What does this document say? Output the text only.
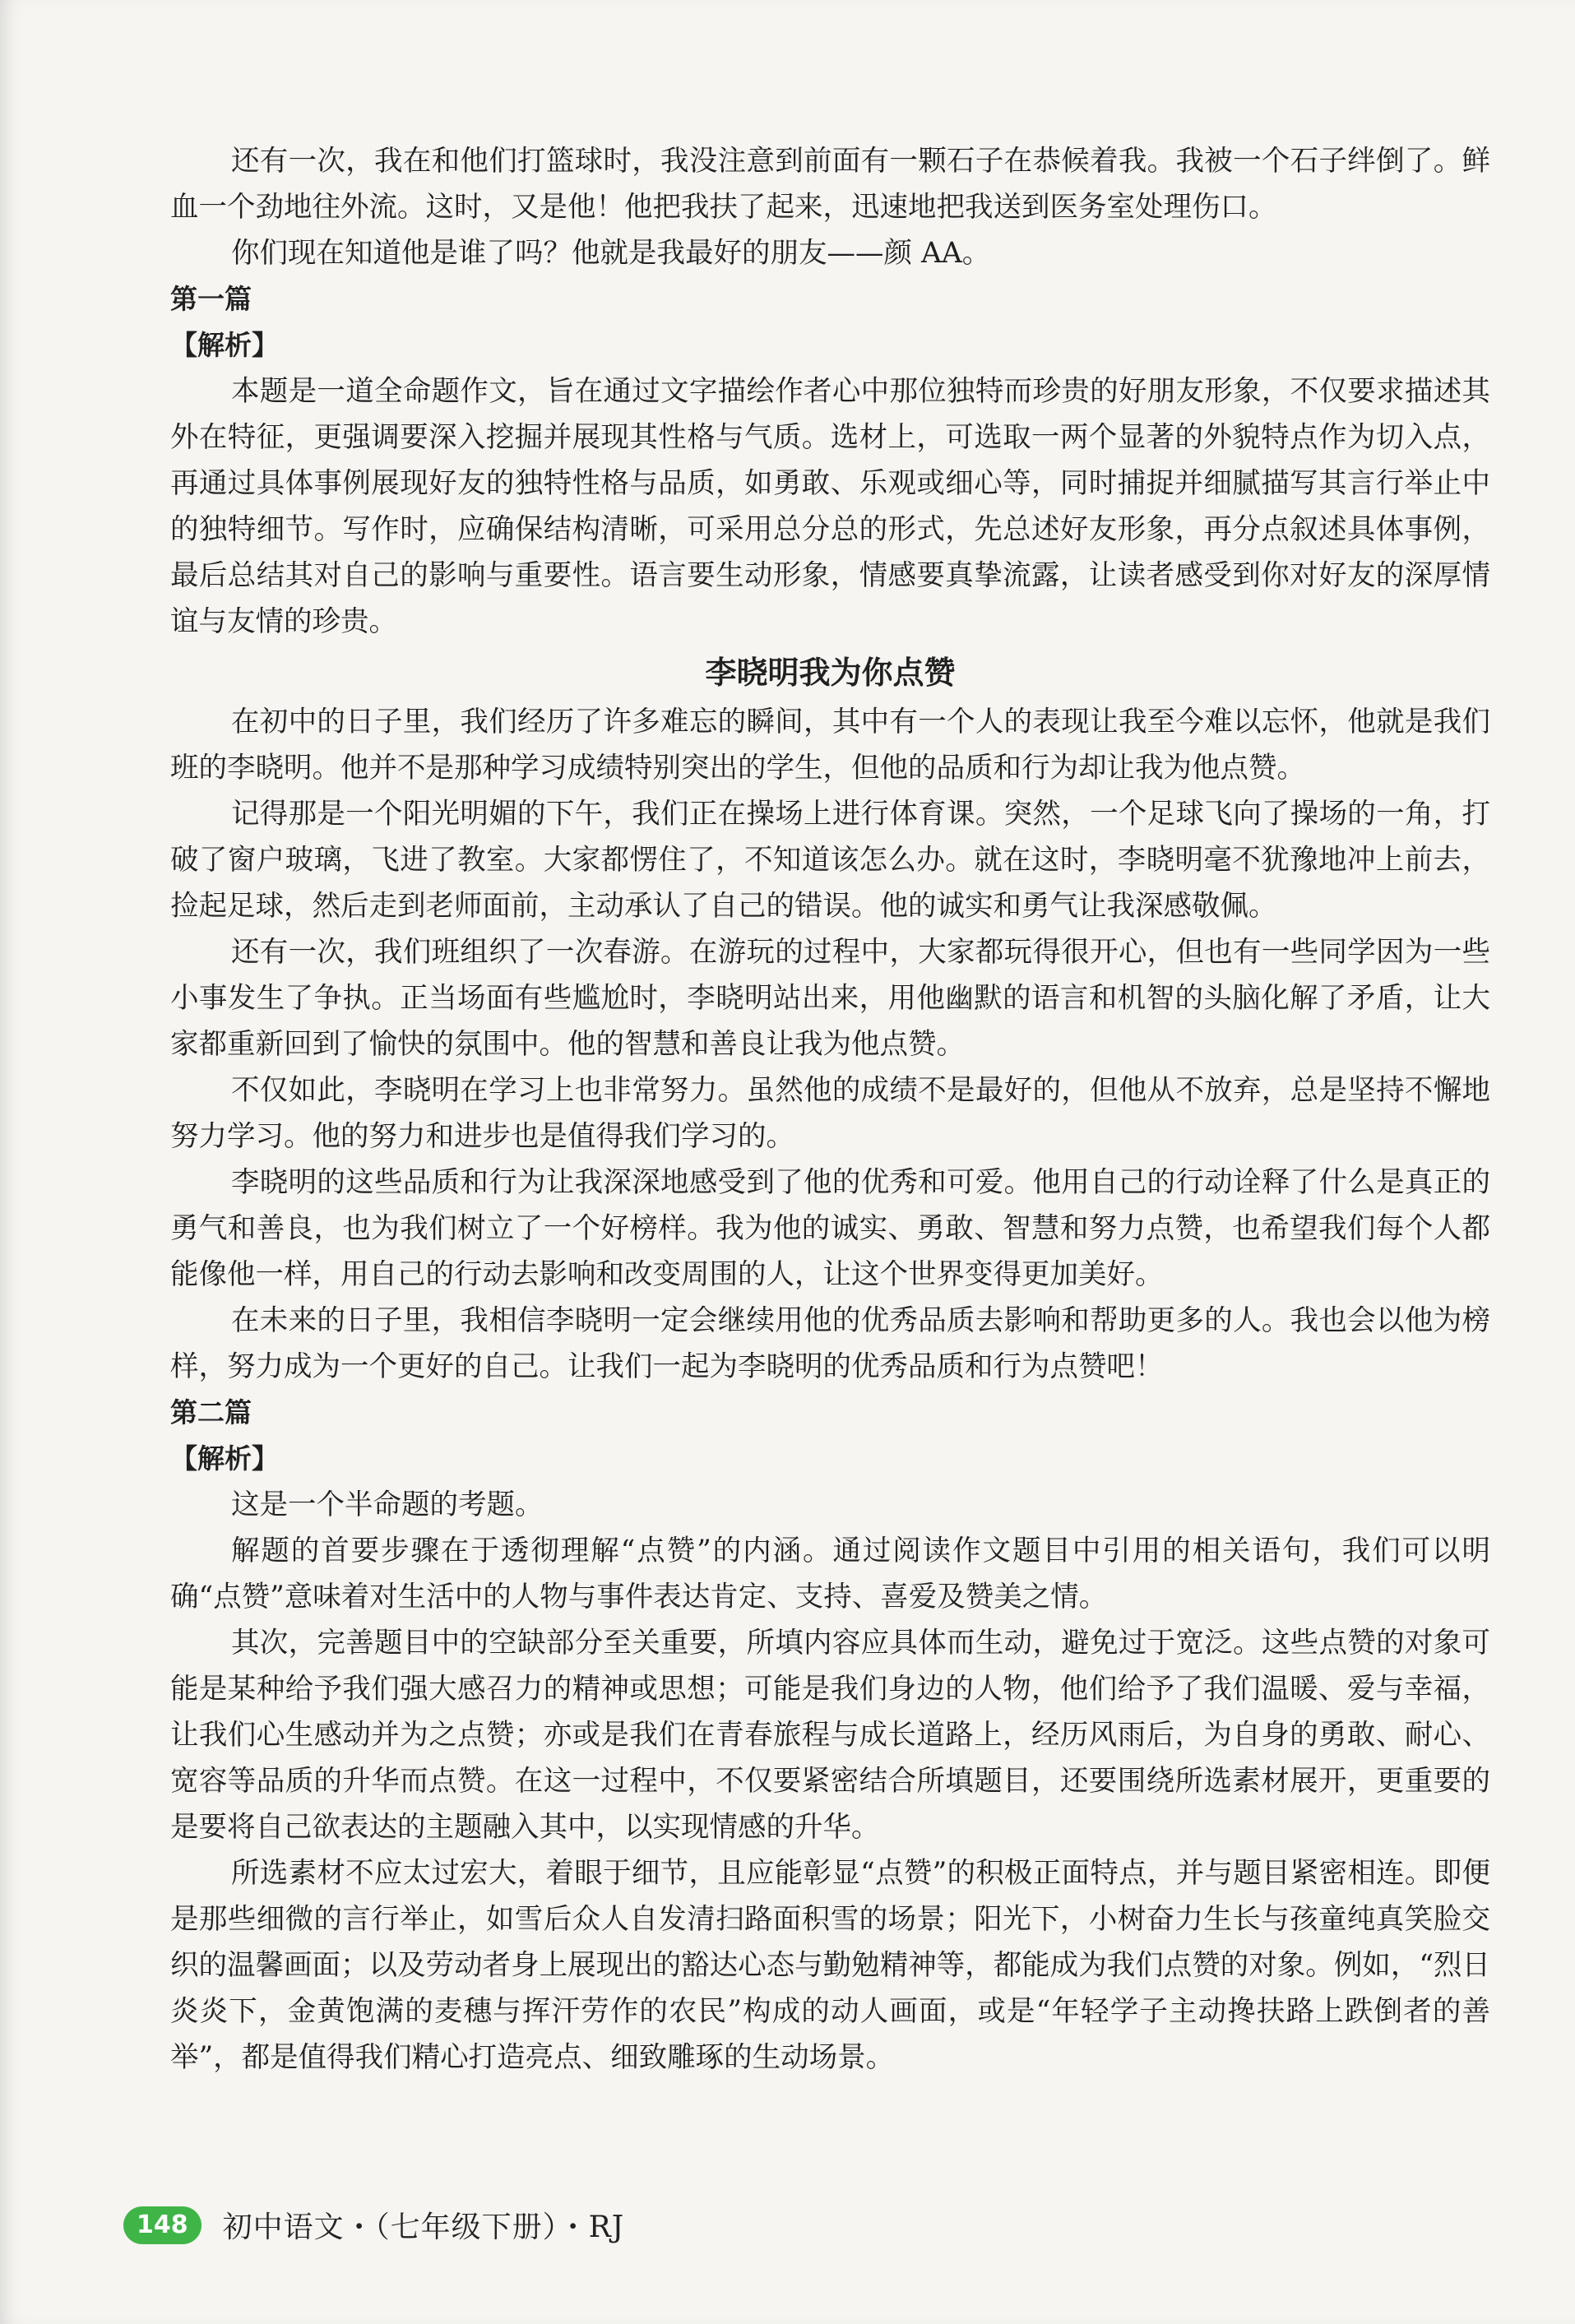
还有一次，我在和他们打篮球时，我没注意到前面有一颗石子在恭候着我。我被一个石子绊倒了。鲜血一个劲地往外流。这时，又是他！他把我扶了起来，迅速地把我送到医务室处理伤口。

你们现在知道他是谁了吗？他就是我最好的朋友——颜 AA。

第一篇

【解析】

本题是一道全命题作文，旨在通过文字描绘作者心中那位独特而珍贵的好朋友形象，不仅要求描述其外在特征，更强调要深入挖掘并展现其性格与气质。选材上，可选取一两个显著的外貌特点作为切入点，再通过具体事例展现好友的独特性格与品质，如勇敢、乐观或细心等，同时捕捉并细腻描写其言行举止中的独特细节。写作时，应确保结构清晰，可采用总分总的形式，先总述好友形象，再分点叙述具体事例，最后总结其对自己的影响与重要性。语言要生动形象，情感要真挚流露，让读者感受到你对好友的深厚情谊与友情的珍贵。

李晓明我为你点赞

在初中的日子里，我们经历了许多难忘的瞬间，其中有一个人的表现让我至今难以忘怀，他就是我们班的李晓明。他并不是那种学习成绩特别突出的学生，但他的品质和行为却让我为他点赞。

记得那是一个阳光明媚的下午，我们正在操场上进行体育课。突然，一个足球飞向了操场的一角，打破了窗户玻璃，飞进了教室。大家都愣住了，不知道该怎么办。就在这时，李晓明毫不犹豫地冲上前去，捡起足球，然后走到老师面前，主动承认了自己的错误。他的诚实和勇气让我深感敬佩。

还有一次，我们班组织了一次春游。在游玩的过程中，大家都玩得很开心，但也有一些同学因为一些小事发生了争执。正当场面有些尴尬时，李晓明站出来，用他幽默的语言和机智的头脑化解了矛盾，让大家都重新回到了愉快的氛围中。他的智慧和善良让我为他点赞。

不仅如此，李晓明在学习上也非常努力。虽然他的成绩不是最好的，但他从不放弃，总是坚持不懈地努力学习。他的努力和进步也是值得我们学习的。

李晓明的这些品质和行为让我深深地感受到了他的优秀和可爱。他用自己的行动诠释了什么是真正的勇气和善良，也为我们树立了一个好榜样。我为他的诚实、勇敢、智慧和努力点赞，也希望我们每个人都能像他一样，用自己的行动去影响和改变周围的人，让这个世界变得更加美好。

在未来的日子里，我相信李晓明一定会继续用他的优秀品质去影响和帮助更多的人。我也会以他为榜样，努力成为一个更好的自己。让我们一起为李晓明的优秀品质和行为点赞吧！

第二篇

【解析】

这是一个半命题的考题。

解题的首要步骤在于透彻理解“点赞”的内涵。通过阅读作文题目中引用的相关语句，我们可以明确“点赞”意味着对生活中的人物与事件表达肯定、支持、喜爱及赞美之情。

其次，完善题目中的空缺部分至关重要，所填内容应具体而生动，避免过于宽泛。这些点赞的对象可能是某种给予我们强大感召力的精神或思想；可能是我们身边的人物，他们给予了我们温暖、爱与幸福，让我们心生感动并为之点赞；亦或是我们在青春旅程与成长道路上，经历风雨后，为自身的勇敢、耐心、宽容等品质的升华而点赞。在这一过程中，不仅要紧密结合所填题目，还要围绕所选素材展开，更重要的是要将自己欲表达的主题融入其中，以实现情感的升华。

所选素材不应太过宏大，着眼于细节，且应能彰显“点赞”的积极正面特点，并与题目紧密相连。即便是那些细微的言行举止，如雪后众人自发清扫路面积雪的场景；阳光下，小树奋力生长与孩童纯真笑脸交织的温馨画面；以及劳动者身上展现出的豁达心态与勤勉精神等，都能成为我们点赞的对象。例如，“烈日炎炎下，金黄饱满的麦穗与挥汗劳作的农民”构成的动人画面，或是“年轻学子主动搀扶路上跌倒者的善举”，都是值得我们精心打造亮点、细致雕琢的生动场景。

148	初中语文・（七年级下册）・RJ
